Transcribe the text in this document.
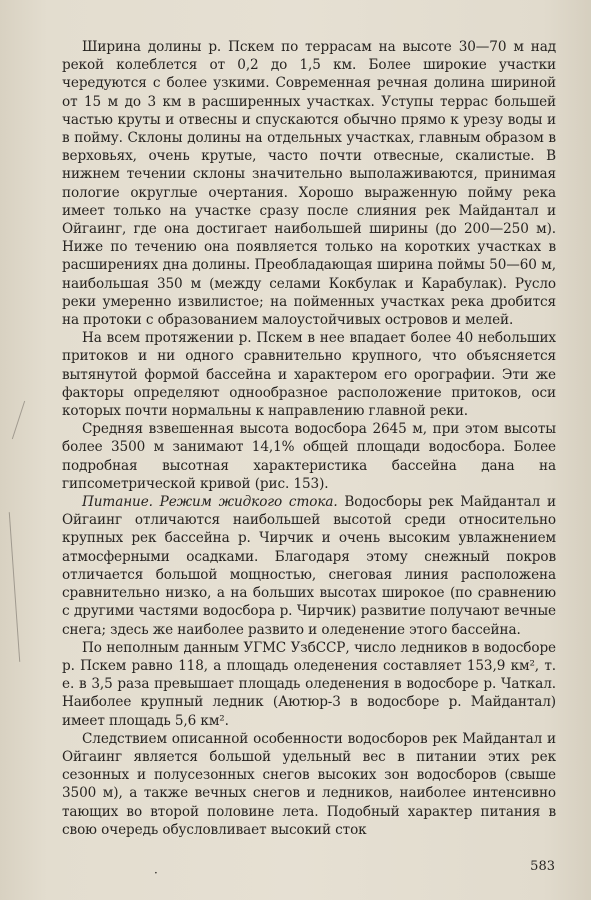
Ширина долины р. Пскем по террасам на высоте 30—70 м над рекой колеблется от 0,2 до 1,5 км. Более широкие участки чередуются с более узкими. Современная речная долина шириной от 15 м до 3 км в расширенных участках. Уступы террас большей частью круты и отвесны и спускаются обычно прямо к урезу воды и в пойму. Склоны долины на отдельных участках, главным образом в верховьях, очень крутые, часто почти отвесные, скалистые. В нижнем течении склоны значительно выполаживаются, принимая пологие округлые очертания. Хорошо выраженную пойму река имеет только на участке сразу после слияния рек Майдантал и Ойгаинг, где она достигает наибольшей ширины (до 200—250 м). Ниже по течению она появляется только на коротких участках в расширениях дна долины. Преобладающая ширина поймы 50—60 м, наибольшая 350 м (между селами Кокбулак и Карабулак). Русло реки умеренно извилистое; на пойменных участках река дробится на протоки с образованием малоустойчивых островов и мелей.

На всем протяжении р. Пскем в нее впадает более 40 небольших притоков и ни одного сравнительно крупного, что объясняется вытянутой формой бассейна и характером его орографии. Эти же факторы определяют однообразное расположение притоков, оси которых почти нормальны к направлению главной реки.

Средняя взвешенная высота водосбора 2645 м, при этом высоты более 3500 м занимают 14,1% общей площади водосбора. Более подробная высотная характеристика бассейна дана на гипсометрической кривой (рис. 153).

Питание. Режим жидкого стока. Водосборы рек Майдантал и Ойгаинг отличаются наибольшей высотой среди относительно крупных рек бассейна р. Чирчик и очень высоким увлажнением атмосферными осадками. Благодаря этому снежный покров отличается большой мощностью, снеговая линия расположена сравнительно низко, а на больших высотах широкое (по сравнению с другими частями водосбора р. Чирчик) развитие получают вечные снега; здесь же наиболее развито и оледенение этого бассейна.

По неполным данным УГМС УзбССР, число ледников в водосборе р. Пскем равно 118, а площадь оледенения составляет 153,9 км², т. е. в 3,5 раза превышает площадь оледенения в водосборе р. Чаткал. Наиболее крупный ледник (Аютюр-3 в водосборе р. Майдантал) имеет площадь 5,6 км².

Следствием описанной особенности водосборов рек Майдантал и Ойгаинг является большой удельный вес в питании этих рек сезонных и полусезонных снегов высоких зон водосборов (свыше 3500 м), а также вечных снегов и ледников, наиболее интенсивно тающих во второй половине лета. Подобный характер питания в свою очередь обусловливает высокий сток

·	583
